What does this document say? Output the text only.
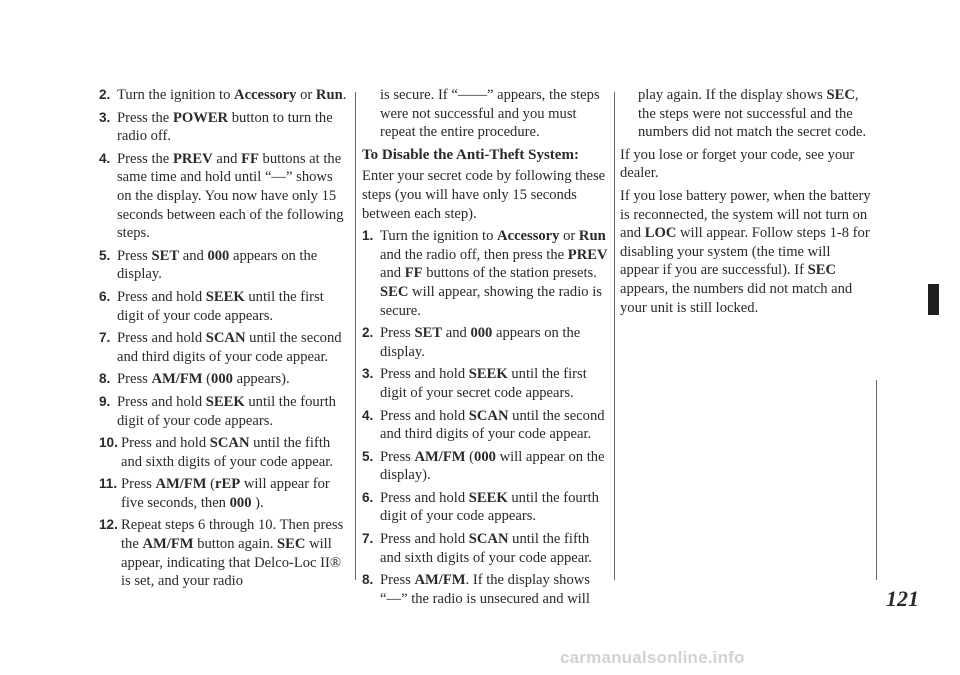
2. Turn the ignition to Accessory or Run.
3. Press the POWER button to turn the radio off.
4. Press the PREV and FF buttons at the same time and hold until “—” shows on the display. You now have only 15 seconds between each of the following steps.
5. Press SET and 000 appears on the display.
6. Press and hold SEEK until the first digit of your code appears.
7. Press and hold SCAN until the second and third digits of your code appear.
8. Press AM/FM (000 appears).
9. Press and hold SEEK until the fourth digit of your code appears.
10. Press and hold SCAN until the fifth and sixth digits of your code appear.
11. Press AM/FM (rEP will appear for five seconds, then 000 ).
12. Repeat steps 6 through 10. Then press the AM/FM button again. SEC will appear, indicating that Delco-Loc II® is set, and your radio
is secure. If “——” appears, the steps were not successful and you must repeat the entire procedure.
To Disable the Anti-Theft System:

Enter your secret code by following these steps (you will have only 15 seconds between each step).

1. Turn the ignition to Accessory or Run and the radio off, then press the PREV and FF buttons of the station presets. SEC will appear, showing the radio is secure.
2. Press SET and 000 appears on the display.
3. Press and hold SEEK until the first digit of your secret code appears.
4. Press and hold SCAN until the second and third digits of your code appear.
5. Press AM/FM (000 will appear on the display).
6. Press and hold SEEK until the fourth digit of your code appears.
7. Press and hold SCAN until the fifth and sixth digits of your code appear.
8. Press AM/FM. If the display shows “—” the radio is unsecured and will
play again. If the display shows SEC, the steps were not successful and the numbers did not match the secret code.

If you lose or forget your code, see your dealer.

If you lose battery power, when the battery is reconnected, the system will not turn on and LOC will appear. Follow steps 1-8 for disabling your system (the time will appear if you are successful). If SEC appears, the numbers did not match and your unit is still locked.

121
carmanualsonline.info
